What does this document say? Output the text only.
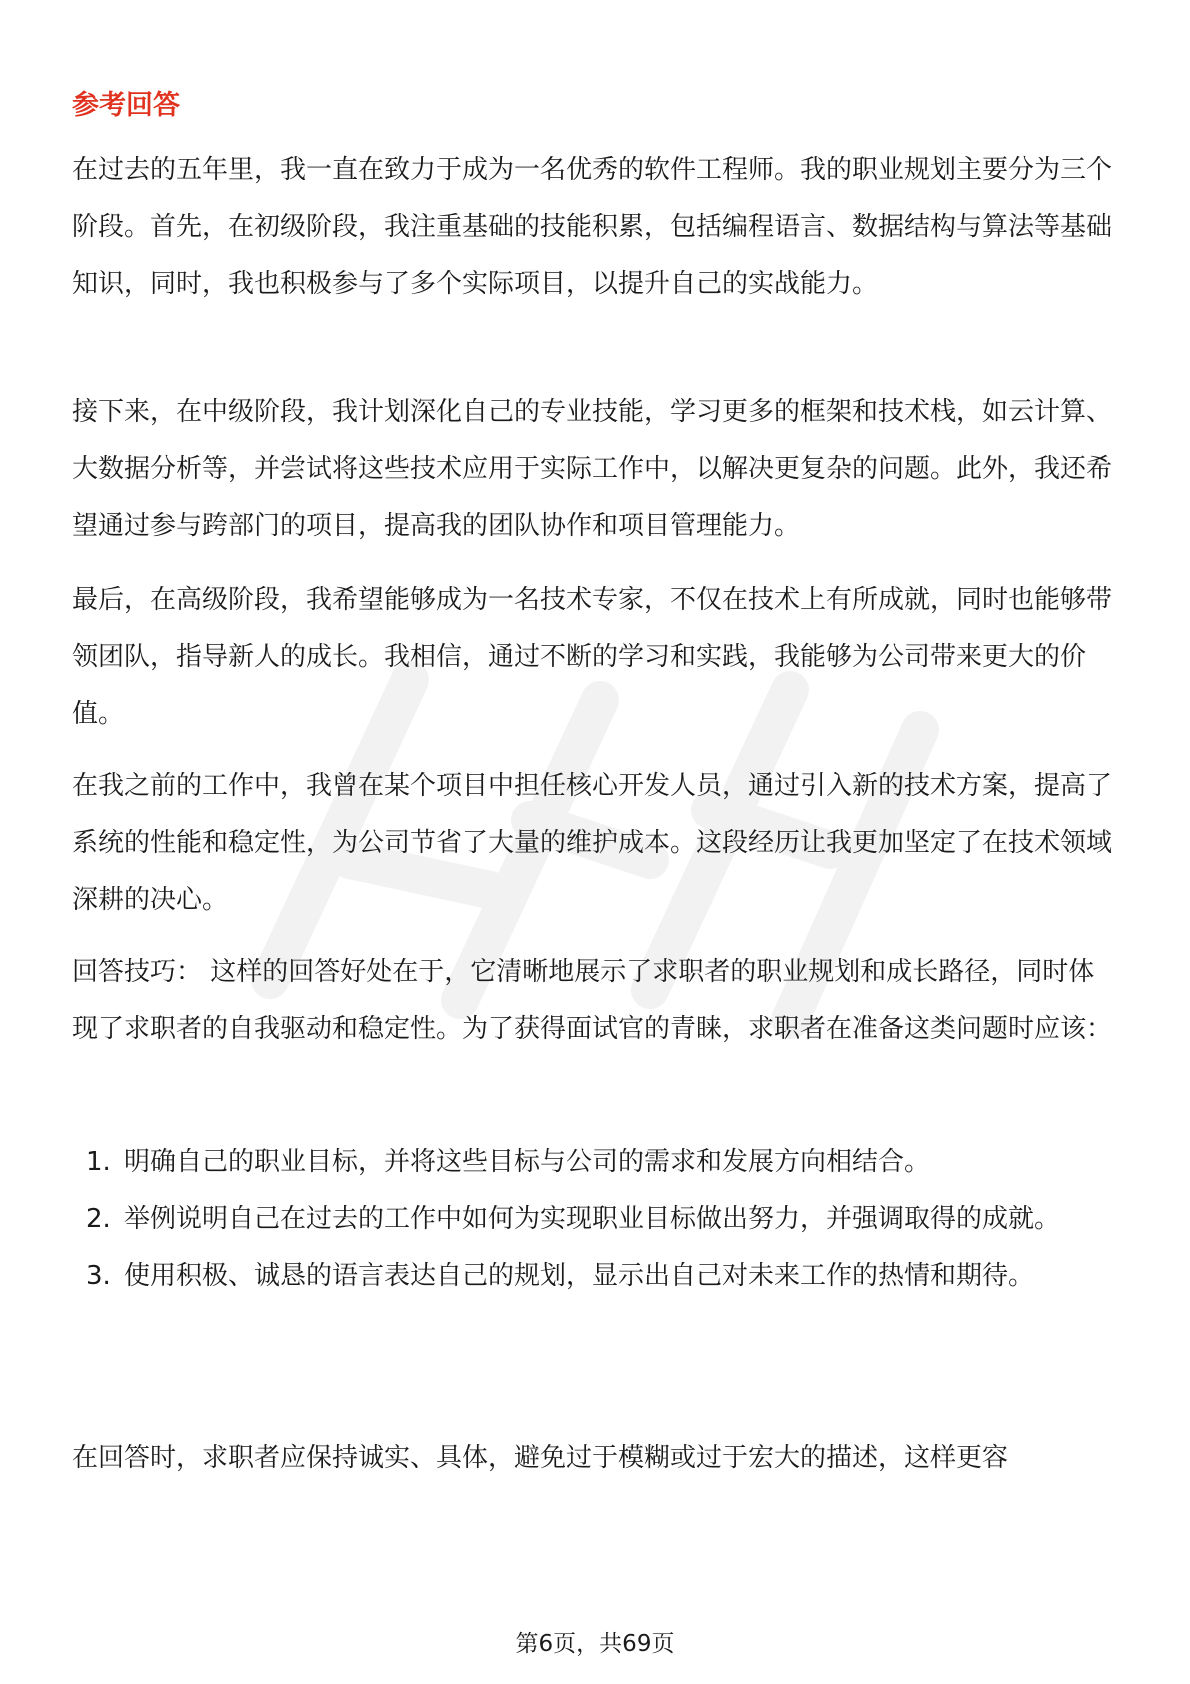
参考回答

在过去的五年里，我一直在致力于成为一名优秀的软件工程师。我的职业规划主要分为三个阶段。首先，在初级阶段，我注重基础的技能积累，包括编程语言、数据结构与算法等基础知识，同时，我也积极参与了多个实际项目，以提升自己的实战能力。

接下来，在中级阶段，我计划深化自己的专业技能，学习更多的框架和技术栈，如云计算、大数据分析等，并尝试将这些技术应用于实际工作中，以解决更复杂的问题。此外，我还希望通过参与跨部门的项目，提高我的团队协作和项目管理能力。

最后，在高级阶段，我希望能够成为一名技术专家，不仅在技术上有所成就，同时也能够带领团队，指导新人的成长。我相信，通过不断的学习和实践，我能够为公司带来更大的价值。

在我之前的工作中，我曾在某个项目中担任核心开发人员，通过引入新的技术方案，提高了系统的性能和稳定性，为公司节省了大量的维护成本。这段经历让我更加坚定了在技术领域深耕的决心。

回答技巧： 这样的回答好处在于，它清晰地展示了求职者的职业规划和成长路径，同时体现了求职者的自我驱动和稳定性。为了获得面试官的青睐，求职者在准备这类问题时应该：

1. 明确自己的职业目标，并将这些目标与公司的需求和发展方向相结合。
2. 举例说明自己在过去的工作中如何为实现职业目标做出努力，并强调取得的成就。
3. 使用积极、诚恳的语言表达自己的规划，显示出自己对未来工作的热情和期待。

在回答时，求职者应保持诚实、具体，避免过于模糊或过于宏大的描述，这样更容

第6页，共69页
